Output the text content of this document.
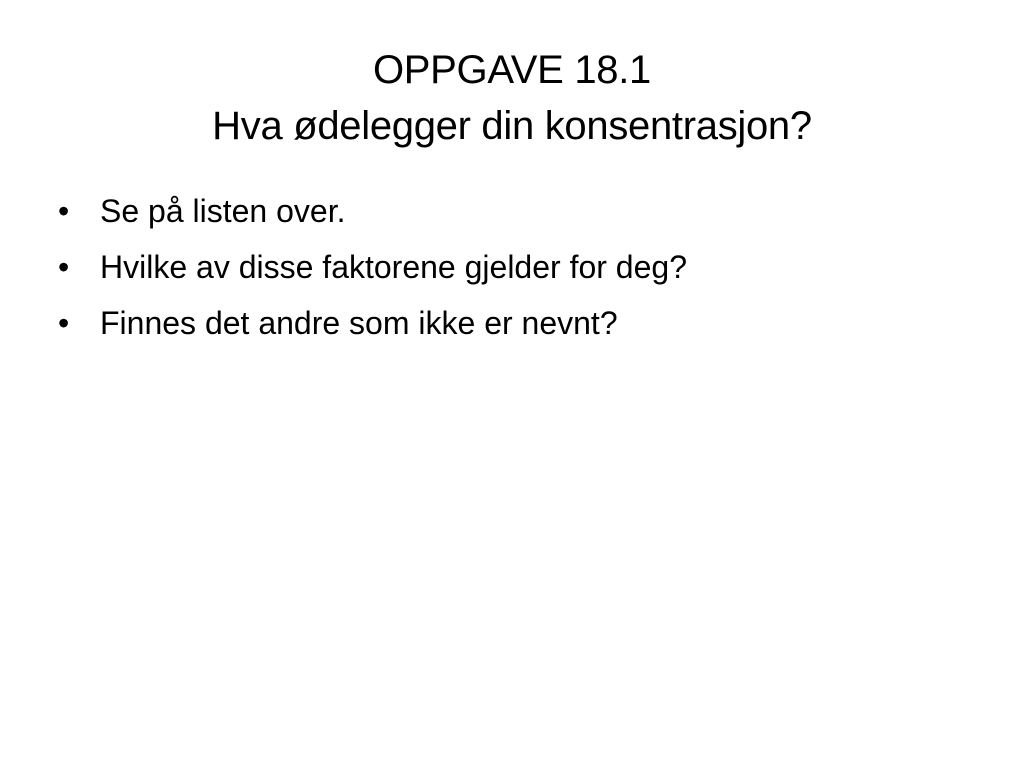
OPPGAVE 18.1
Hva ødelegger din konsentrasjon?
• Se på listen over.
• Hvilke av disse faktorene gjelder for deg?
• Finnes det andre som ikke er nevnt?
